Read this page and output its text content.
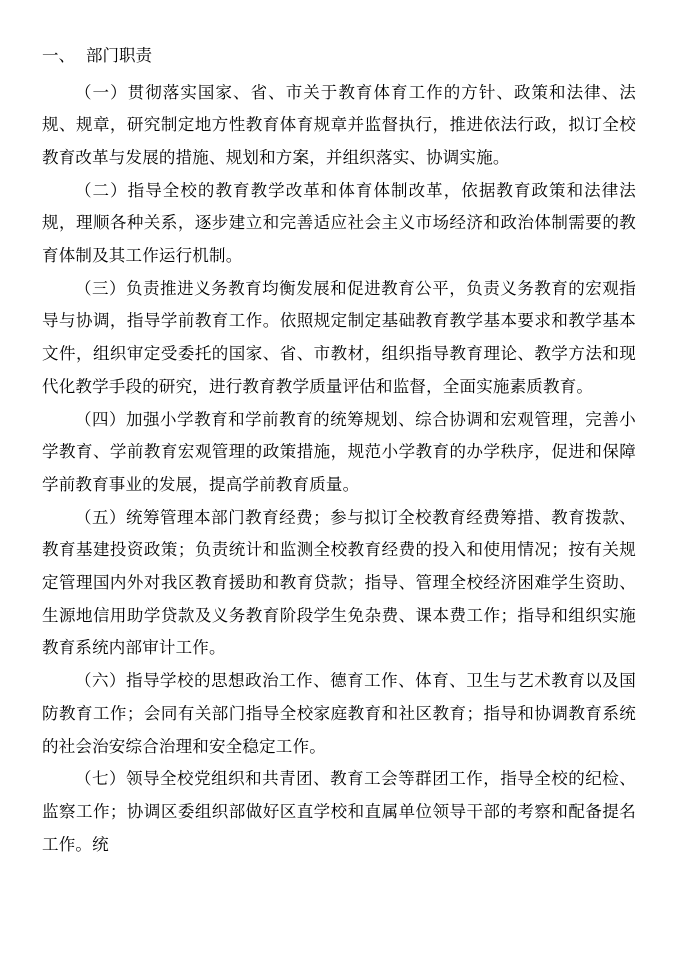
一、 部门职责

（一）贯彻落实国家、省、市关于教育体育工作的方针、政策和法律、法规、规章，研究制定地方性教育体育规章并监督执行，推进依法行政，拟订全校教育改革与发展的措施、规划和方案，并组织落实、协调实施。

（二）指导全校的教育教学改革和体育体制改革，依据教育政策和法律法规，理顺各种关系，逐步建立和完善适应社会主义市场经济和政治体制需要的教育体制及其工作运行机制。

（三）负责推进义务教育均衡发展和促进教育公平，负责义务教育的宏观指导与协调，指导学前教育工作。依照规定制定基础教育教学基本要求和教学基本文件，组织审定受委托的国家、省、市教材，组织指导教育理论、教学方法和现代化教学手段的研究，进行教育教学质量评估和监督，全面实施素质教育。

（四）加强小学教育和学前教育的统筹规划、综合协调和宏观管理，完善小学教育、学前教育宏观管理的政策措施，规范小学教育的办学秩序，促进和保障学前教育事业的发展，提高学前教育质量。

（五）统筹管理本部门教育经费；参与拟订全校教育经费筹措、教育拨款、教育基建投资政策；负责统计和监测全校教育经费的投入和使用情况；按有关规定管理国内外对我区教育援助和教育贷款；指导、管理全校经济困难学生资助、生源地信用助学贷款及义务教育阶段学生免杂费、课本费工作；指导和组织实施教育系统内部审计工作。

（六）指导学校的思想政治工作、德育工作、体育、卫生与艺术教育以及国防教育工作；会同有关部门指导全校家庭教育和社区教育；指导和协调教育系统的社会治安综合治理和安全稳定工作。

（七）领导全校党组织和共青团、教育工会等群团工作，指导全校的纪检、监察工作；协调区委组织部做好区直学校和直属单位领导干部的考察和配备提名工作。统
